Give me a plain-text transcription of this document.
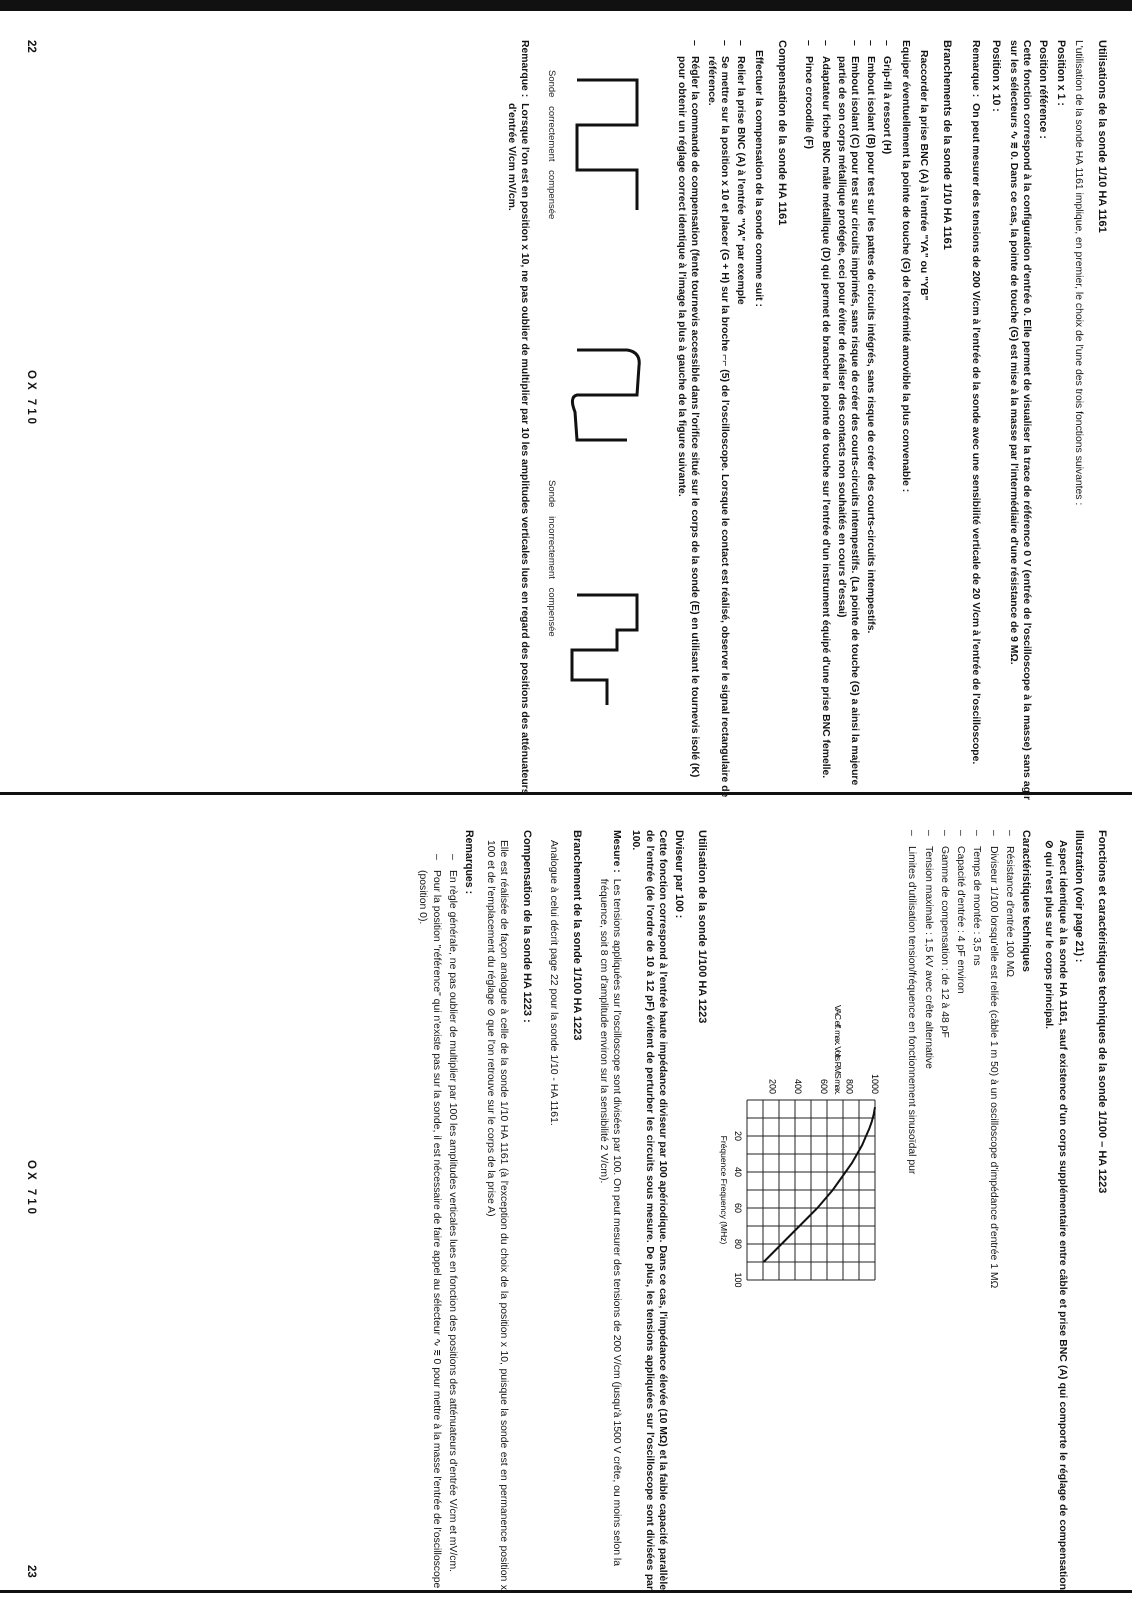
Utilisations de la sonde 1/10 HA 1161

L'utilisation de la sonde HA 1161 implique, en premier, le choix de l'une des trois fonctions suivantes :

Position x 1 :
Position référence :

Cette fonction correspond à la configuration d'entrée 0. Elle permet de visualiser la trace de référence 0 V (entrée de l'oscilloscope à la masse) sans agir sur les sélecteurs ∿ ⩳ 0. Dans ce cas, la pointe de touche (G) est mise à la masse par l'intermédiaire d'une résistance de 9 MΩ.

Position x 10 :
Remarque :
On peut mesurer des tensions de 200 V/cm à l'entrée de la sonde avec une sensibilité verticale de 20 V/cm à l'entrée de l'oscilloscope.
Branchements de la sonde 1/10 HA 1161

Raccorder la prise BNC (A) à l'entrée "YA" ou "YB"

Equiper éventuellement la pointe de touche (G) de l'extrémité amovible la plus convenable :

– Grip-fil à ressort (H)
– Embout isolant (B) pour test sur les pattes de circuits intégrés, sans risque de créer des courts-circuits intempestifs.
– Embout isolant (C) pour test sur circuits imprimés, sans risque de créer des courts-circuits intempestifs. (La pointe de touche (G) a ainsi la majeure partie de son corps métallique protégée, ceci pour éviter de réaliser des contacts non souhaités en cours d'essai)
– Adaptateur fiche BNC mâle métallique (D) qui permet de brancher la pointe de touche sur l'entrée d'un instrument équipé d'une prise BNC femelle.
– Pince crocodile (F)
Compensation de la sonde HA 1161

Effectuer la compensation de la sonde comme suit :

– Relier la prise BNC (A) à l'entrée "YA" par exemple
– Se mettre sur la position x 10 et placer (G + H) sur la broche ⌐⌐ (5) de l'oscilloscope. Lorsque le contact est réalisé, observer le signal rectangulaire de référence.
– Régler la commande de compensation (fente tournevis accessible dans l'orifice situé sur le corps de la sonde (E) en utilisant le tournevis isolé (K) pour obtenir un réglage correct identique à l'image la plus à gauche de la figure suivante.
Sonde correctement compensée
Sonde incorrectement compensée
Remarque :
Lorsque l'on est en position x 10, ne pas oublier de multiplier par 10 les amplitudes verticales lues en regard des positions des atténuateurs d'entrée V/cm mV/cm.
22
OX 710
Fonctions et caractéristiques techniques de la sonde 1/100 – HA 1223
Illustration (voir page 21) :

Aspect identique à la sonde HA 1161, sauf existence d'un corps supplémentaire entre câble et prise BNC (A) qui comporte le réglage de compensation ⊘ qui n'est plus sur le corps principal.

Caractéristiques techniques
– Résistance d'entrée 100 MΩ
– Diviseur 1/100 lorsqu'elle est reliée (câble 1 m 50) à un oscilloscope d'impédance d'entrée 1 MΩ
– Temps de montée : 3,5 ns
– Capacité d'entrée : 4 pF environ
– Gamme de compensation : de 12 à 48 pF
– Tension maximale : 1,5 kV avec crête alternative
– Limites d'utilisation tension/fréquence en fonctionnement sinusoïdal pur
200 400 600 800 1000
20
40
60
80
100
VAC eff. max. Volts RMS max.
Fréquence Frequency (MHz)
Utilisation de la sonde 1/100 HA 1223
Diviseur par 100 :

Cette fonction correspond à l'entrée haute impédance diviseur par 100 apériodique. Dans ce cas, l'impédance élevée (10 MΩ) et la faible capacité parallèle de l'entrée (de l'ordre de 10 à 12 pF) évitent de perturber les circuits sous mesure. De plus, les tensions appliquées sur l'oscilloscope sont divisées par 100.

Mesure :
Les tensions appliquées sur l'oscilloscope sont divisées par 100. On peut mesurer des tensions de 200 V/cm (jusqu'à 1500 V crête, ou moins selon la fréquence, soit 8 cm d'amplitude environ sur la sensibilité 2 V/cm).
Branchement de la sonde 1/100 HA 1223

Analogue à celui décrit page 22 pour la sonde 1/10 - HA 1161.

Compensation de la sonde HA 1223 :

Elle est réalisée de façon analogue à celle de la sonde 1/10 HA 1161 (à l'exception du choix de la position x 10, puisque la sonde est en permanence position x 100 et de l'emplacement du réglage ⊘ que l'on retrouve sur le corps de la prise A)

Remarques :
– En règle générale, ne pas oublier de multiplier par 100 les amplitudes verticales lues en fonction des positions des atténuateurs d'entrée V/cm et mV/cm.
– Pour la position "référence" qui n'existe pas sur la sonde, il est nécessaire de faire appel au sélecteur ∿ ⩳ 0 pour mettre à la masse l'entrée de l'oscilloscope (position 0).
OX 710
23
